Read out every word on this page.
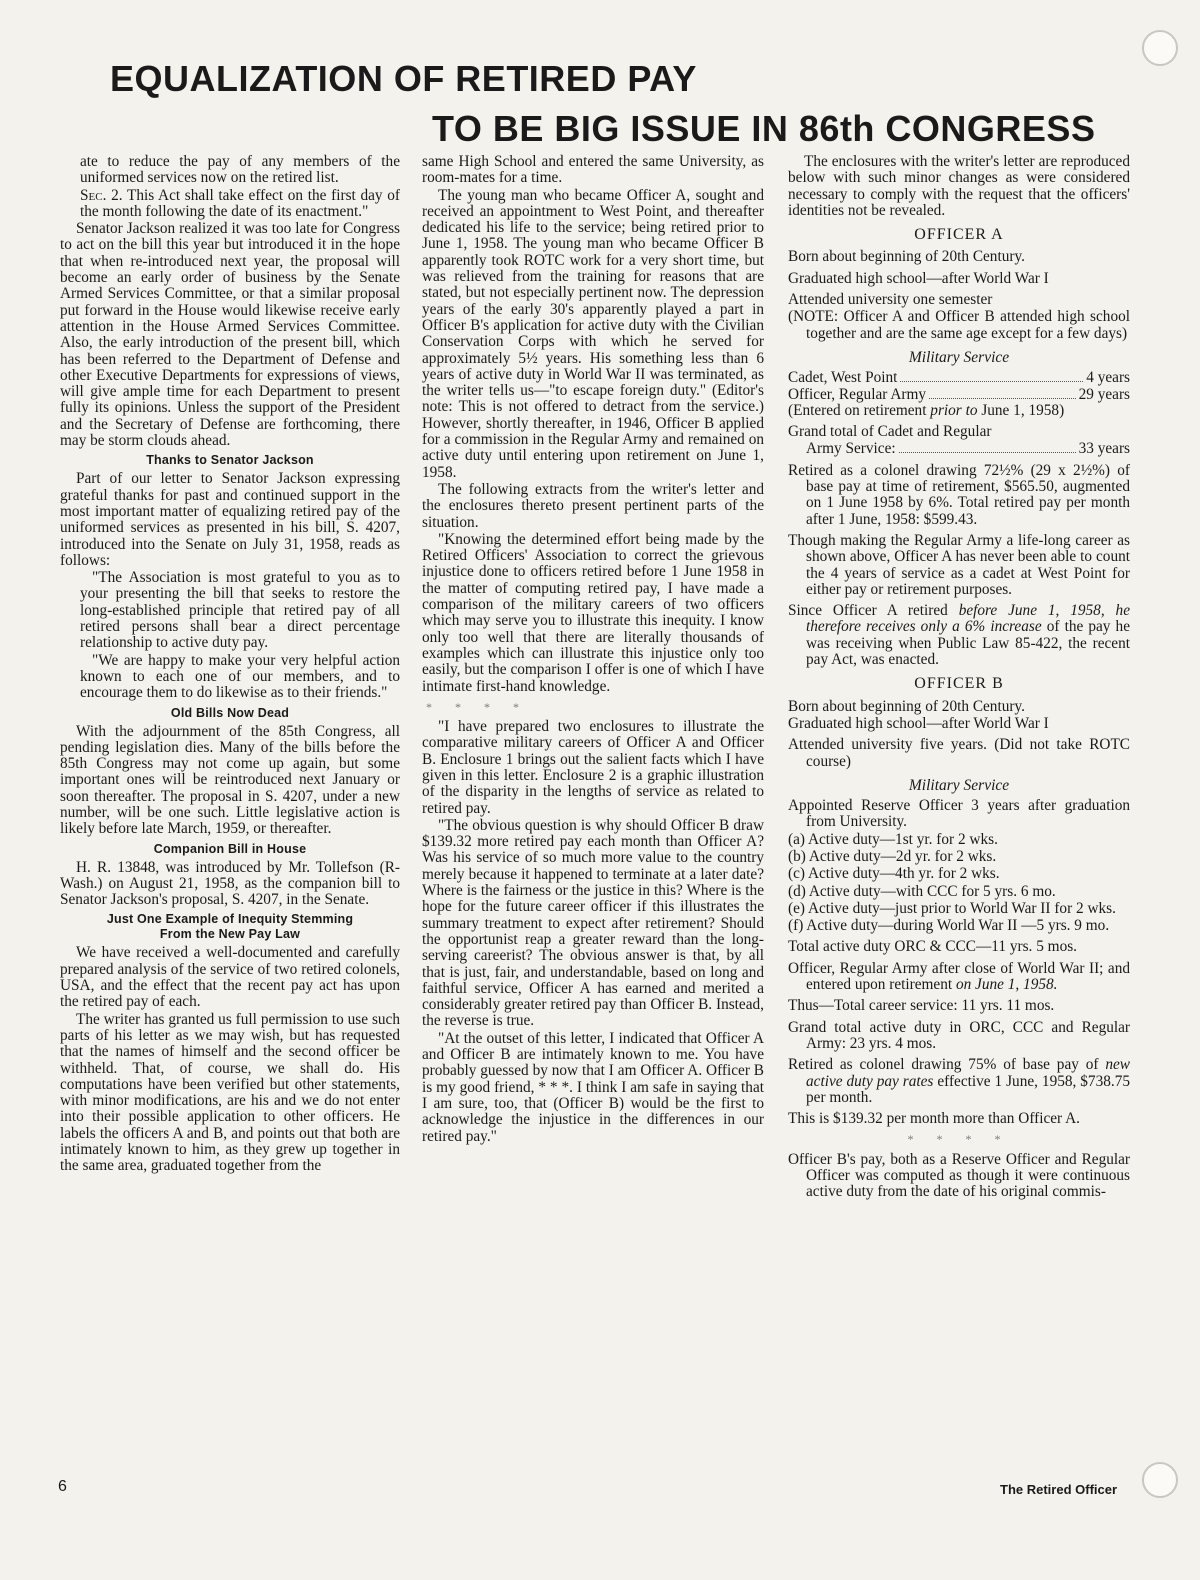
EQUALIZATION OF RETIRED PAY
TO BE BIG ISSUE IN 86th CONGRESS

ate to reduce the pay of any members of the uniformed services now on the retired list.

Sec. 2. This Act shall take effect on the first day of the month following the date of its enactment."

Senator Jackson realized it was too late for Congress to act on the bill this year but introduced it in the hope that when re-introduced next year, the proposal will become an early order of business by the Senate Armed Services Committee, or that a similar proposal put forward in the House would likewise receive early attention in the House Armed Services Committee. Also, the early introduction of the present bill, which has been referred to the Department of Defense and other Executive Departments for expressions of views, will give ample time for each Department to present fully its opinions. Unless the support of the President and the Secretary of Defense are forthcoming, there may be storm clouds ahead.

Thanks to Senator Jackson

Part of our letter to Senator Jackson expressing grateful thanks for past and continued support in the most important matter of equalizing retired pay of the uniformed services as presented in his bill, S. 4207, introduced into the Senate on July 31, 1958, reads as follows:

"The Association is most grateful to you as to your presenting the bill that seeks to restore the long-established principle that retired pay of all retired persons shall bear a direct percentage relationship to active duty pay.

"We are happy to make your very helpful action known to each one of our members, and to encourage them to do likewise as to their friends."

Old Bills Now Dead

With the adjournment of the 85th Congress, all pending legislation dies. Many of the bills before the 85th Congress may not come up again, but some important ones will be reintroduced next January or soon thereafter. The proposal in S. 4207, under a new number, will be one such. Little legislative action is likely before late March, 1959, or thereafter.

Companion Bill in House

H. R. 13848, was introduced by Mr. Tollefson (R-Wash.) on August 21, 1958, as the companion bill to Senator Jackson's proposal, S. 4207, in the Senate.

Just One Example of Inequity Stemming
From the New Pay Law

We have received a well-documented and carefully prepared analysis of the service of two retired colonels, USA, and the effect that the recent pay act has upon the retired pay of each.

The writer has granted us full permission to use such parts of his letter as we may wish, but has requested that the names of himself and the second officer be withheld. That, of course, we shall do. His computations have been verified but other statements, with minor modifications, are his and we do not enter into their possible application to other officers. He labels the officers A and B, and points out that both are intimately known to him, as they grew up together in the same area, graduated together from the

same High School and entered the same University, as room-mates for a time.

The young man who became Officer A, sought and received an appointment to West Point, and thereafter dedicated his life to the service; being retired prior to June 1, 1958. The young man who became Officer B apparently took ROTC work for a very short time, but was relieved from the training for reasons that are stated, but not especially pertinent now. The depression years of the early 30's apparently played a part in Officer B's application for active duty with the Civilian Conservation Corps with which he served for approximately 5½ years. His something less than 6 years of active duty in World War II was terminated, as the writer tells us—"to escape foreign duty." (Editor's note: This is not offered to detract from the service.) However, shortly thereafter, in 1946, Officer B applied for a commission in the Regular Army and remained on active duty until entering upon retirement on June 1, 1958.

The following extracts from the writer's letter and the enclosures thereto present pertinent parts of the situation.

"Knowing the determined effort being made by the Retired Officers' Association to correct the grievous injustice done to officers retired before 1 June 1958 in the matter of computing retired pay, I have made a comparison of the military careers of two officers which may serve you to illustrate this inequity. I know only too well that there are literally thousands of examples which can illustrate this injustice only too easily, but the comparison I offer is one of which I have intimate first-hand knowledge.

* * * *

"I have prepared two enclosures to illustrate the comparative military careers of Officer A and Officer B. Enclosure 1 brings out the salient facts which I have given in this letter. Enclosure 2 is a graphic illustration of the disparity in the lengths of service as related to retired pay.

"The obvious question is why should Officer B draw $139.32 more retired pay each month than Officer A? Was his service of so much more value to the country merely because it happened to terminate at a later date? Where is the fairness or the justice in this? Where is the hope for the future career officer if this illustrates the summary treatment to expect after retirement? Should the opportunist reap a greater reward than the long-serving careerist? The obvious answer is that, by all that is just, fair, and understandable, based on long and faithful service, Officer A has earned and merited a considerably greater retired pay than Officer B. Instead, the reverse is true.

"At the outset of this letter, I indicated that Officer A and Officer B are intimately known to me. You have probably guessed by now that I am Officer A. Officer B is my good friend, * * *. I think I am safe in saying that I am sure, too, that (Officer B) would be the first to acknowledge the injustice in the differences in our retired pay."

The enclosures with the writer's letter are reproduced below with such minor changes as were considered necessary to comply with the request that the officers' identities not be revealed.

OFFICER A

Born about beginning of 20th Century.

Graduated high school—after World War I

Attended university one semester

(NOTE: Officer A and Officer B attended high school together and are the same age except for a few days)

Military Service
Cadet, West Point	4 years
Officer, Regular Army	29 years

(Entered on retirement prior to June 1, 1958)

Grand total of Cadet and Regular

Army Service:	33 years

Retired as a colonel drawing 72½% (29 x 2½%) of base pay at time of retirement, $565.50, augmented on 1 June 1958 by 6%. Total retired pay per month after 1 June, 1958: $599.43.

Though making the Regular Army a life-long career as shown above, Officer A has never been able to count the 4 years of service as a cadet at West Point for either pay or retirement purposes.

Since Officer A retired before June 1, 1958, he therefore receives only a 6% increase of the pay he was receiving when Public Law 85-422, the recent pay Act, was enacted.

OFFICER B

Born about beginning of 20th Century.

Graduated high school—after World War I

Attended university five years. (Did not take ROTC course)

Military Service

Appointed Reserve Officer 3 years after graduation from University.

(a) Active duty—1st yr. for 2 wks.
(b) Active duty—2d yr. for 2 wks.
(c) Active duty—4th yr. for 2 wks.
(d) Active duty—with CCC for 5 yrs. 6 mo.
(e) Active duty—just prior to World War II for 2 wks.
(f) Active duty—during World War II —5 yrs. 9 mo.

Total active duty ORC & CCC—11 yrs. 5 mos.

Officer, Regular Army after close of World War II; and entered upon retirement on June 1, 1958.

Thus—Total career service: 11 yrs. 11 mos.

Grand total active duty in ORC, CCC and Regular Army: 23 yrs. 4 mos.

Retired as colonel drawing 75% of base pay of new active duty pay rates effective 1 June, 1958, $738.75 per month.

This is $139.32 per month more than Officer A.

* * * *

Officer B's pay, both as a Reserve Officer and Regular Officer was computed as though it were continuous active duty from the date of his original commis-

6	The Retired Officer
